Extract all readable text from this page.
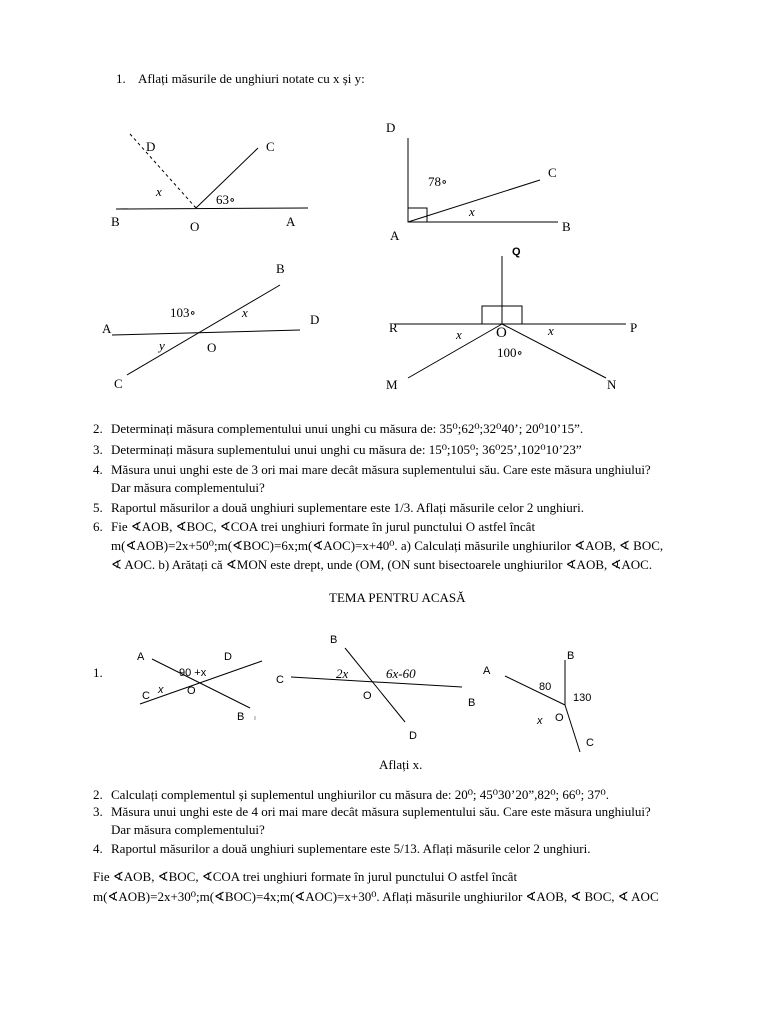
1. Aflați măsurile de unghiuri notate cu x și y:
D	C
x
63∘
B	O	A
D
C
78∘
x
A
B
B
103∘	x
A
D
y	O
C
Q
R	O	P
x	x
100∘
M	N
A	D
90 +x
x
C	O
B
B
2x	6x-60
C
O
B
D
A
B
80
130
O
x
C
2. Determinați măsura complementului unui unghi cu măsura de: 35⁰;62⁰;32⁰40’; 20⁰10’15”.
3. Determinați măsura suplementului unui unghi cu măsura de: 15⁰;105⁰; 36⁰25’,102⁰10’23”
4. Măsura unui unghi este de 3 ori mai mare decât măsura suplementului său. Care este măsura unghiului?
Dar măsura complementului?
5. Raportul măsurilor a două unghiuri suplementare este 1/3. Aflați măsurile celor 2 unghiuri.
6. Fie ∢AOB, ∢BOC, ∢COA trei unghiuri formate în jurul punctului O astfel încât
m(∢AOB)=2x+50⁰;m(∢BOC)=6x;m(∢AOC)=x+40⁰. a) Calculați măsurile unghiurilor ∢AOB, ∢ BOC,
∢ AOC. b) Arătați că ∢MON este drept, unde (OM, (ON sunt bisectoarele unghiurilor ∢AOB, ∢AOC.
TEMA PENTRU ACASĂ
1.
Aflați x.
2. Calculați complementul și suplementul unghiurilor cu măsura de: 20⁰; 45⁰30’20”,82⁰; 66⁰; 37⁰.
3. Măsura unui unghi este de 4 ori mai mare decât măsura suplementului său. Care este măsura unghiului?
Dar măsura complementului?
4. Raportul măsurilor a două unghiuri suplementare este 5/13. Aflați măsurile celor 2 unghiuri.
Fie ∢AOB, ∢BOC, ∢COA trei unghiuri formate în jurul punctului O astfel încât
m(∢AOB)=2x+30⁰;m(∢BOC)=4x;m(∢AOC)=x+30⁰. Aflați măsurile unghiurilor ∢AOB, ∢ BOC, ∢ AOC
